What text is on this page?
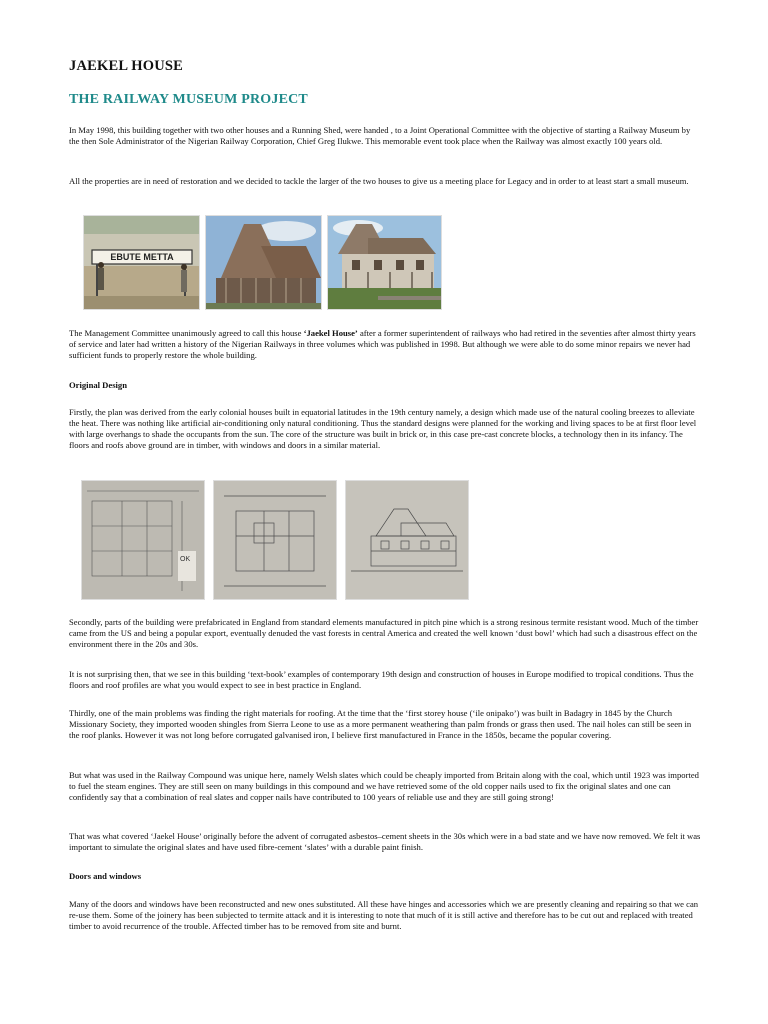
JAEKEL HOUSE
THE RAILWAY MUSEUM PROJECT

In May 1998, this building together with two other houses and a Running Shed, were handed , to a Joint Operational Committee with the objective of starting a Railway Museum by the then Sole Administrator of the Nigerian Railway Corporation, Chief Greg Ilukwe. This memorable event took place when the Railway was almost exactly 100 years old.

All the properties are in need of restoration and we decided to tackle the larger of the two houses to give us a meeting place for Legacy and in order to at least start a small museum.

EBUTE METTA

The Management Committee unanimously agreed to call this house ‘Jaekel House’ after a former superintendent of railways who had retired in the seventies after almost thirty years of service and later had written a history of the Nigerian Railways in three volumes which was published in 1998. But although we were able to do some minor repairs we never had sufficient funds to properly restore the whole building.

Original Design

Firstly, the plan was derived from the early colonial houses built in equatorial latitudes in the 19th century namely, a design which made use of the natural cooling breezes to alleviate the heat. There was nothing like artificial air-conditioning only natural conditioning. Thus the standard designs were planned for the working and living spaces to be at first floor level with large overhangs to shade the occupants from the sun. The core of the structure was built in brick or, in this case pre-cast concrete blocks, a technology then in its infancy. The floors and roofs above ground are in timber, with windows and doors in a similar material.

OK

Secondly, parts of the building were prefabricated in England from standard elements manufactured in pitch pine which is a strong resinous termite resistant wood. Much of the timber came from the US and being a popular export, eventually denuded the vast forests in central America and created the well known ‘dust bowl’ which had such a disastrous effect on the environment there in the 20s and 30s.

It is not surprising then, that we see in this building ‘text-book’ examples of contemporary 19th design and construction of houses in Europe modified to tropical conditions. Thus the floors and roof profiles are what you would expect to see in best practice in England.

Thirdly, one of the main problems was finding the right materials for roofing. At the time that the ‘first storey house (‘ile onipako’) was built in Badagry in 1845 by the Church Missionary Society, they imported wooden shingles from Sierra Leone to use as a more permanent weathering than palm fronds or grass then used. The nail holes can still be seen in the roof planks. However it was not long before corrugated galvanised iron, I believe first manufactured in France in the 1850s, became the popular covering.

But what was used in the Railway Compound was unique here, namely Welsh slates which could be cheaply imported from Britain along with the coal, which until 1923 was imported to fuel the steam engines. They are still seen on many buildings in this compound and we have retrieved some of the old copper nails used to fix the original slates and one can confidently say that a combination of real slates and copper nails have contributed to 100 years of reliable use and they are still going strong!

That was what covered ‘Jaekel House’ originally before the advent of corrugated asbestos–cement sheets in the 30s which were in a bad state and we have now removed. We felt it was important to simulate the original slates and have used fibre-cement ‘slates’ with a durable paint finish.

Doors and windows

Many of the doors and windows have been reconstructed and new ones substituted. All these have hinges and accessories which we are presently cleaning and repairing so that we can re-use them. Some of the joinery has been subjected to termite attack and it is interesting to note that much of it is still active and therefore has to be cut out and replaced with treated timber to avoid recurrence of the trouble. Affected timber has to be removed from site and burnt.
